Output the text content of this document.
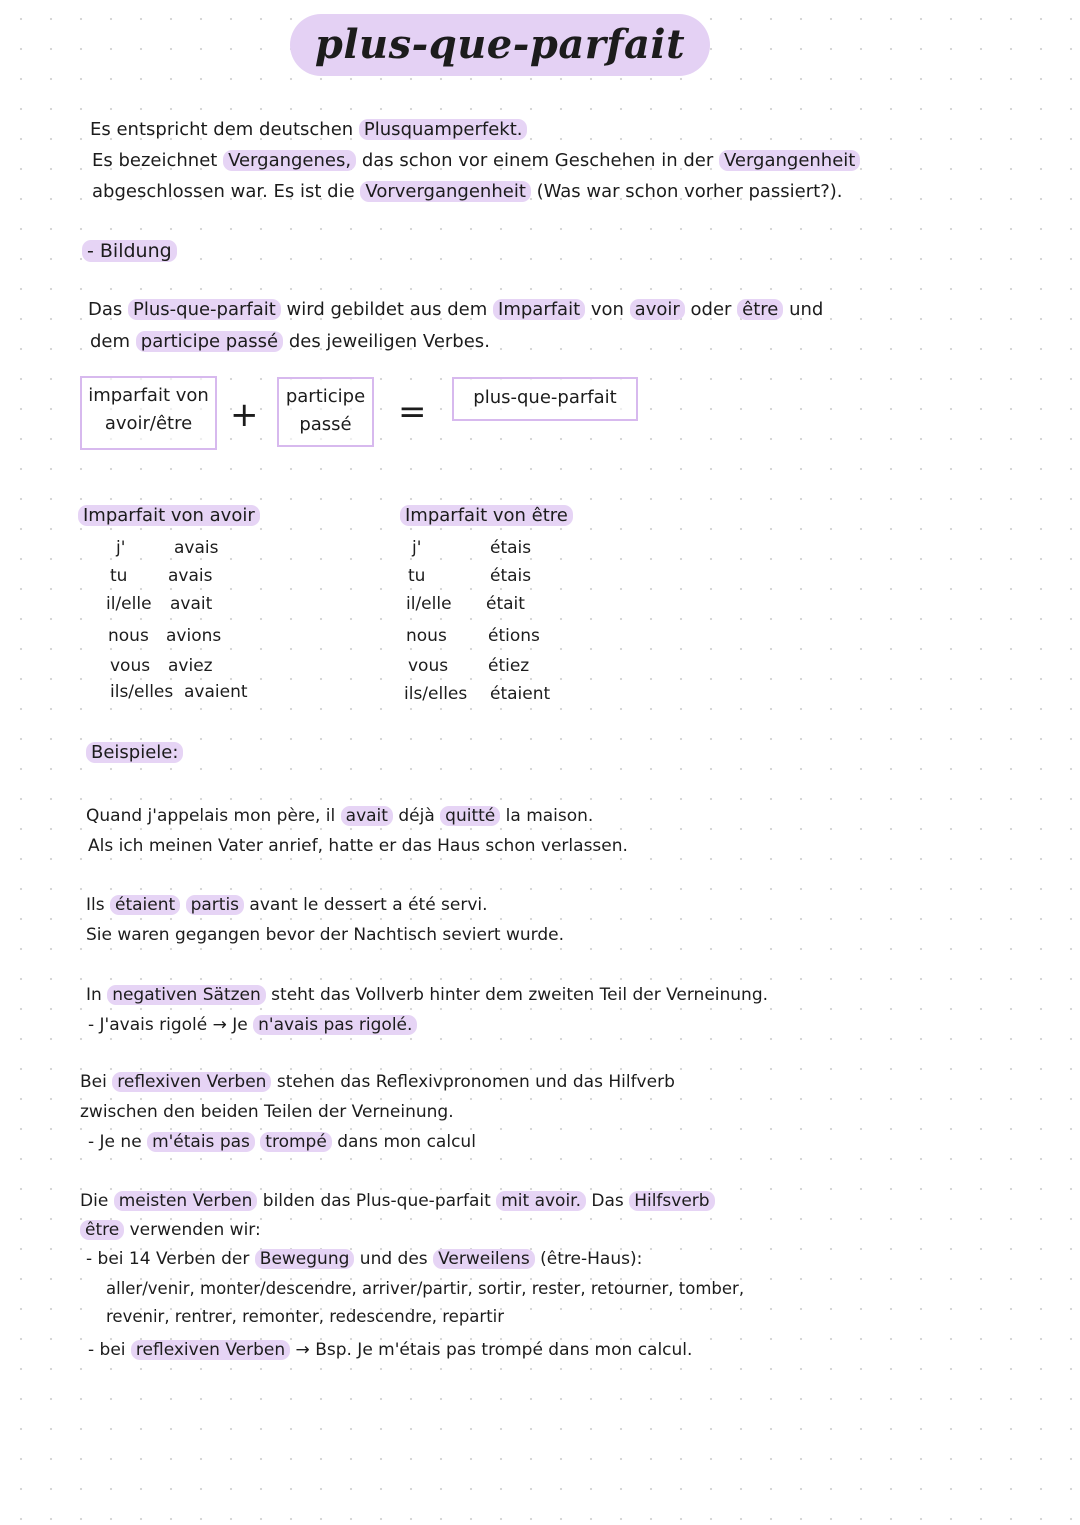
plus-que-parfait
Es entspricht dem deutschen Plusquamperfekt.
Es bezeichnet Vergangenes, das schon vor einem Geschehen in der Vergangenheit
abgeschlossen war. Es ist die Vorvergangenheit (Was war schon vorher passiert?).
- Bildung
Das Plus-que-parfait wird gebildet aus dem Imparfait von avoir oder être und
dem participe passé des jeweiligen Verbes.
imparfait von
avoir/être	+	participe
passé	=	plus-que-parfait
Imparfait von avoir
j'	avais
tu avais
il/elle avait
nous avions
vous aviez
ils/elles avaient
Imparfait von être
j'	étais
tu	étais
il/elle était
nous étions
vous étiez
ils/elles étaient
Beispiele:
Quand j'appelais mon père, il avait déjà quitté la maison.
Als ich meinen Vater anrief, hatte er das Haus schon verlassen.
Ils étaient partis avant le dessert a été servi.
Sie waren gegangen bevor der Nachtisch seviert wurde.
In negativen Sätzen steht das Vollverb hinter dem zweiten Teil der Verneinung.
- J'avais rigolé → Je n'avais pas rigolé.
Bei reflexiven Verben stehen das Reflexivpronomen und das Hilfverb
zwischen den beiden Teilen der Verneinung.
- Je ne m'étais pas trompé dans mon calcul
Die meisten Verben bilden das Plus-que-parfait mit avoir. Das Hilfsverb
être verwenden wir:
- bei 14 Verben der Bewegung und des Verweilens (être-Haus):
aller/venir, monter/descendre, arriver/partir, sortir, rester, retourner, tomber,
revenir, rentrer, remonter, redescendre, repartir
- bei reflexiven Verben → Bsp. Je m'étais pas trompé dans mon calcul.
